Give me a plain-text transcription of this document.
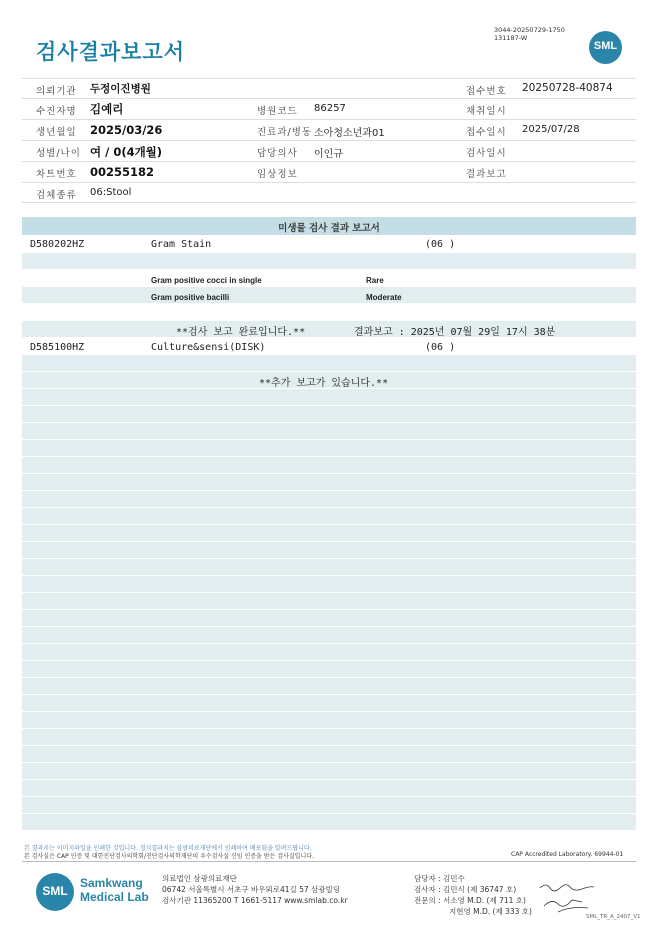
검사결과보고서
3044-20250729-1750
131187-W
SML
의뢰기관 두정이진병원	접수번호 20250728-40874
수진자명 김예리	병원코드 86257	채취일시
생년월일 2025/03/26	진료과/병동 소아청소년과01	접수일시 2025/07/28
성별/나이 여 / 0(4개월)	담당의사 이인규	검사일시
차트번호 00255182	임상정보	결과보고
검체종류 06:Stool
미생물 검사 결과 보고서
D580202HZ	Gram Stain	(06 )
Gram positive cocci in single	Rare
Gram positive bacilli	Moderate
**검사 보고 완료입니다.**	결과보고 : 2025년 07월 29일 17시 38분
D585100HZ	Culture&sensi(DISK)	(06 )
**추가 보고가 있습니다.**
본 결과지는 이미지파일을 인쇄한 것입니다. 정식결과지는 삼광의료재단에서 인쇄하여 배포됨을 알려드립니다.
본 검사실은 CAP 인증 및 대한진단검사의학회/진단검사의학재단의 우수검사실 신임 인증을 받은 검사실입니다.	CAP Accredited Laboratory. 69944-01
SML
Samkwang
Medical Lab
의료법인 삼광의료재단
06742 서울특별시 서초구 바우뫼로41길 57 삼광빌딩
검사기관 11365200 T 1661-5117 www.smlab.co.kr
담당자 : 김민수
검사자 : 김민식 (제 36747 호)
전문의 : 서소영 M.D. (제 711 호)
지현영 M.D. (제 333 호)
SML_TR_A_2407_V1
